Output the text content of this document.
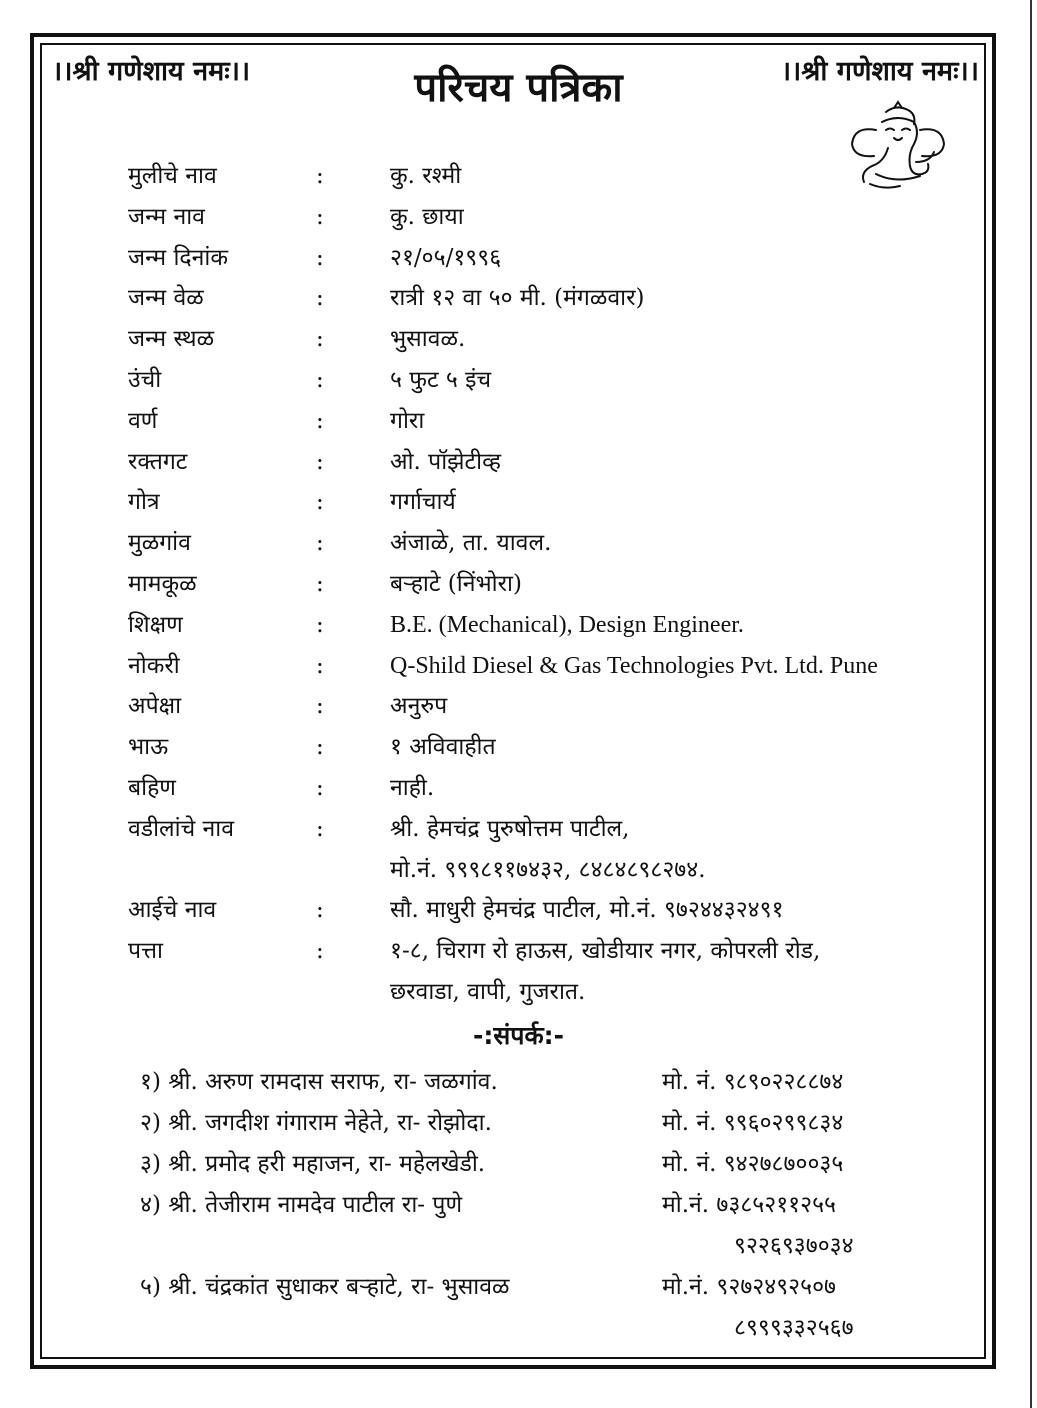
।।श्री गणेशाय नमः।।	।।श्री गणेशाय नमः।।
परिचय पत्रिका
मुलीचे नाव	:	कु. रश्मी
जन्म नाव	:	कु. छाया
जन्म दिनांक	:	२१/०५/१९९६
जन्म वेळ	:	रात्री १२ वा ५० मी. (मंगळवार)
जन्म स्थळ	:	भुसावळ.
उंची	:	५ फुट ५ इंच
वर्ण	:	गोरा
रक्तगट	:	ओ. पॉझेटीव्ह
गोत्र	:	गर्गाचार्य
मुळगांव	:	अंजाळे, ता. यावल.
मामकूळ	:	बऱ्हाटे (निंभोरा)
शिक्षण	:	B.E. (Mechanical), Design Engineer.
नोकरी	:	Q-Shild Diesel & Gas Technologies Pvt. Ltd. Pune
अपेक्षा	:	अनुरुप
भाऊ	:	१ अविवाहीत
बहिण	:	नाही.
वडीलांचे नाव	:	श्री. हेमचंद्र पुरुषोत्तम पाटील,
मो.नं. ९९९८११७४३२, ८४८४८९८२७४.
आईचे नाव	:	सौ. माधुरी हेमचंद्र पाटील, मो.नं. ९७२४४३२४९१
पत्ता	:	१-८, चिराग रो हाऊस, खोडीयार नगर, कोपरली रोड,
छरवाडा, वापी, गुजरात.
-:संपर्क:-
१) श्री. अरुण रामदास सराफ, रा- जळगांव.	मो. नं. ९८९०२२८८७४
२) श्री. जगदीश गंगाराम नेहेते, रा- रोझोदा.	मो. नं. ९९६०२९९८३४
३) श्री. प्रमोद हरी महाजन, रा- महेलखेडी.	मो. नं. ९४२७८७००३५
४) श्री. तेजीराम नामदेव पाटील रा- पुणे	मो.नं. ७३८५२११२५५
९२२६९३७०३४
५) श्री. चंद्रकांत सुधाकर बऱ्हाटे, रा- भुसावळ	मो.नं. ९२७२४९२५०७
८९९९३३२५६७
